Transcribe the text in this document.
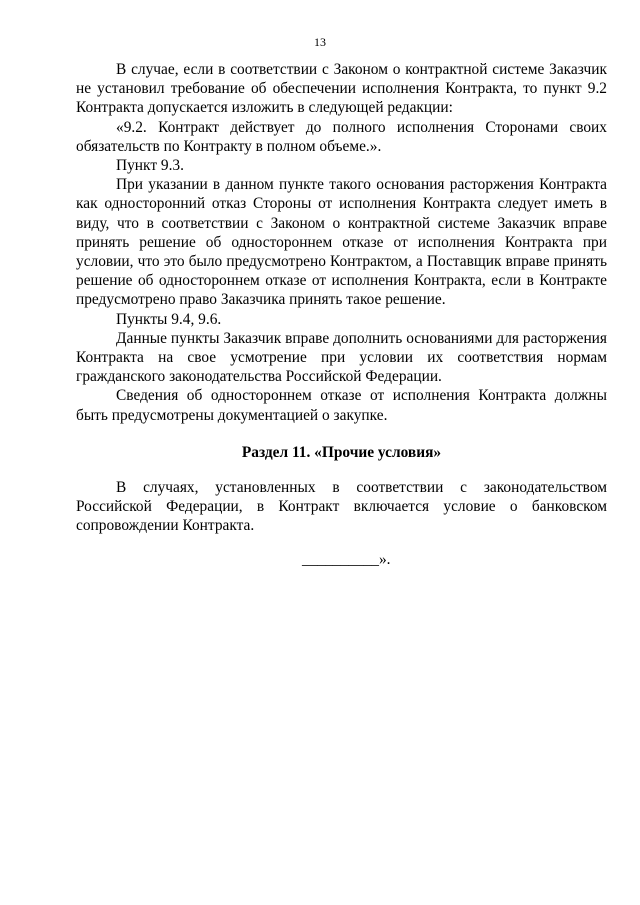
13

В случае, если в соответствии с Законом о контрактной системе Заказчик не установил требование об обеспечении исполнения Контракта, то пункт 9.2 Контракта допускается изложить в следующей редакции:

«9.2. Контракт действует до полного исполнения Сторонами своих обязательств по Контракту в полном объеме.».

Пункт 9.3.

При указании в данном пункте такого основания расторжения Контракта как односторонний отказ Стороны от исполнения Контракта следует иметь в виду, что в соответствии с Законом о контрактной системе Заказчик вправе принять решение об одностороннем отказе от исполнения Контракта при условии, что это было предусмотрено Контрактом, а Поставщик вправе принять решение об одностороннем отказе от исполнения Контракта, если в Контракте предусмотрено право Заказчика принять такое решение.

Пункты 9.4, 9.6.

Данные пункты Заказчик вправе дополнить основаниями для расторжения Контракта на свое усмотрение при условии их соответствия нормам гражданского законодательства Российской Федерации.

Сведения об одностороннем отказе от исполнения Контракта должны быть предусмотрены документацией о закупке.

Раздел 11. «Прочие условия»

В случаях, установленных в соответствии с законодательством Российской Федерации, в Контракт включается условие о банковском сопровождении Контракта.

__________».
